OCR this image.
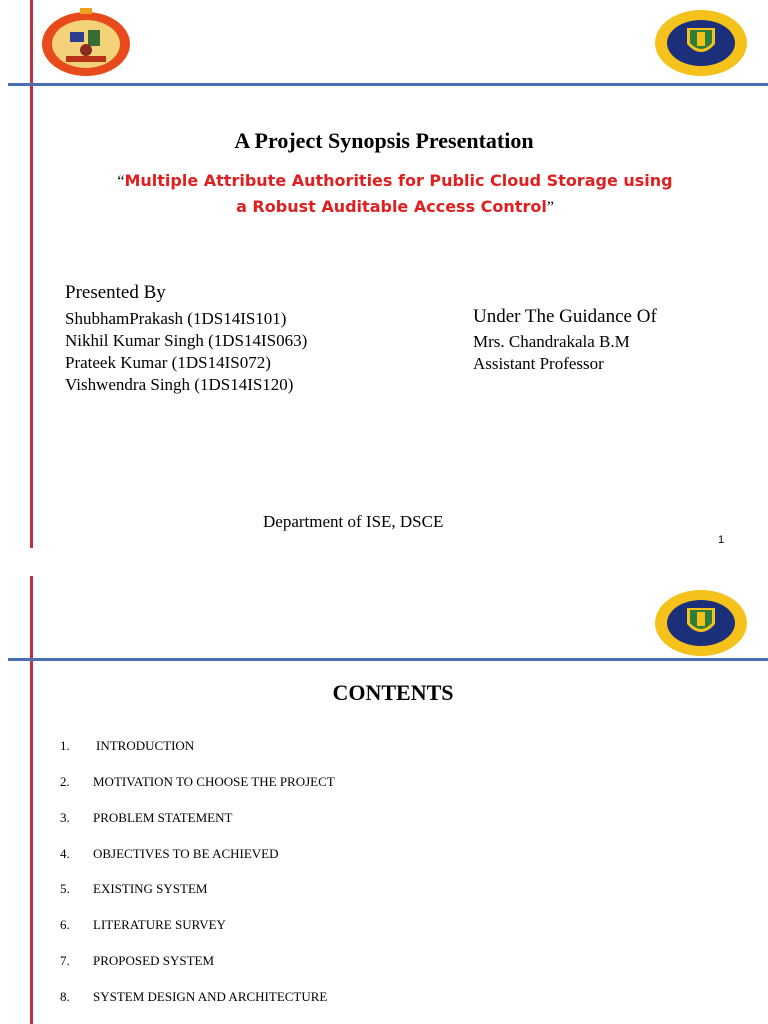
A Project Synopsis Presentation
“Multiple Attribute Authorities for Public Cloud Storage using
a Robust Auditable Access Control”
Presented By
ShubhamPrakash (1DS14IS101)
Nikhil Kumar Singh (1DS14IS063)
Prateek Kumar (1DS14IS072)
Vishwendra Singh (1DS14IS120)
Under The Guidance Of
Mrs. Chandrakala B.M
Assistant Professor
Department of ISE, DSCE
1
CONTENTS
1. INTRODUCTION
2. MOTIVATION TO CHOOSE THE PROJECT
3. PROBLEM STATEMENT
4. OBJECTIVES TO BE ACHIEVED
5. EXISTING SYSTEM
6. LITERATURE SURVEY
7. PROPOSED SYSTEM
8. SYSTEM DESIGN AND ARCHITECTURE
